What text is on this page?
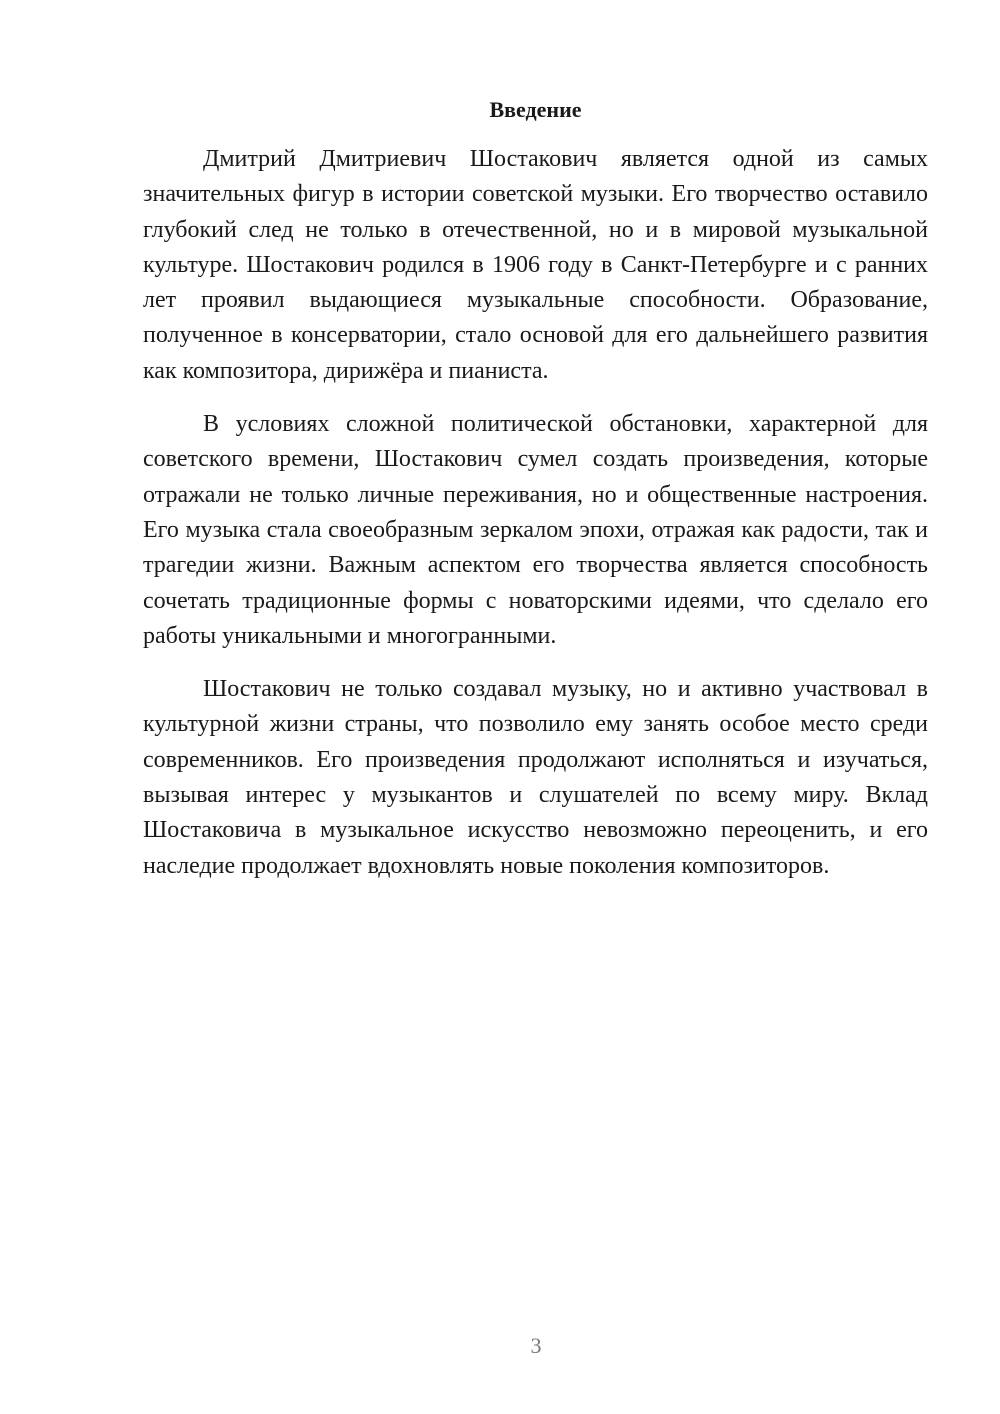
Введение

Дмитрий Дмитриевич Шостакович является одной из самых значительных фигур в истории советской музыки. Его творчество оставило глубокий след не только в отечественной, но и в мировой музыкальной культуре. Шостакович родился в 1906 году в Санкт-Петербурге и с ранних лет проявил выдающиеся музыкальные способности. Образование, полученное в консерватории, стало основой для его дальнейшего развития как композитора, дирижёра и пианиста.

В условиях сложной политической обстановки, характерной для советского времени, Шостакович сумел создать произведения, которые отражали не только личные переживания, но и общественные настроения. Его музыка стала своеобразным зеркалом эпохи, отражая как радости, так и трагедии жизни. Важным аспектом его творчества является способность сочетать традиционные формы с новаторскими идеями, что сделало его работы уникальными и многогранными.

Шостакович не только создавал музыку, но и активно участвовал в культурной жизни страны, что позволило ему занять особое место среди современников. Его произведения продолжают исполняться и изучаться, вызывая интерес у музыкантов и слушателей по всему миру. Вклад Шостаковича в музыкальное искусство невозможно переоценить, и его наследие продолжает вдохновлять новые поколения композиторов.

3
